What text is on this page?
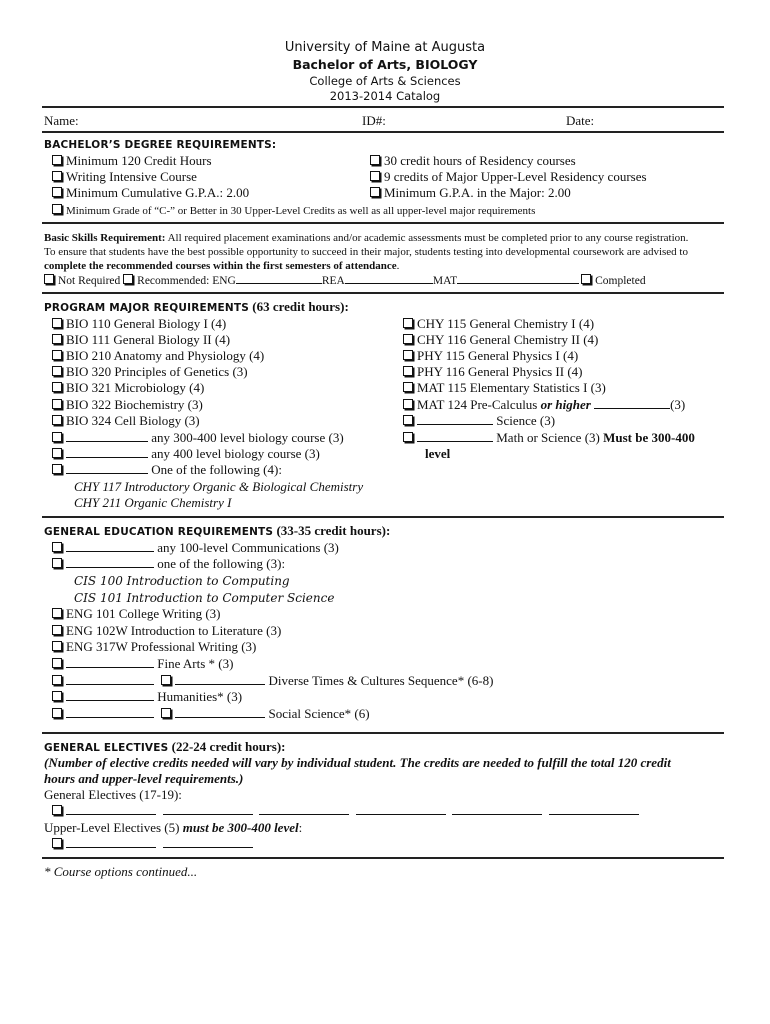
University of Maine at Augusta
Bachelor of Arts, BIOLOGY
College of Arts & Sciences
2013-2014 Catalog
Name:	ID#:	Date:
BACHELOR’S DEGREE REQUIREMENTS:
Minimum 120 Credit Hours
Writing Intensive Course
Minimum Cumulative G.P.A.: 2.00
30 credit hours of Residency courses
9 credits of Major Upper-Level Residency courses
Minimum G.P.A. in the Major: 2.00
Minimum Grade of “C-” or Better in 30 Upper-Level Credits as well as all upper-level major requirements
Basic Skills Requirement: All required placement examinations and/or academic assessments must be completed prior to any course registration.
To ensure that students have the best possible opportunity to succeed in their major, students testing into developmental coursework are advised to
complete the recommended courses within the first semesters of attendance.
Not Required Recommended: ENG	REA	MAT	Completed
PROGRAM MAJOR REQUIREMENTS (63 credit hours):
BIO 110 General Biology I (4)
BIO 111 General Biology II (4)
BIO 210 Anatomy and Physiology (4)
BIO 320 Principles of Genetics (3)
BIO 321 Microbiology (4)
BIO 322 Biochemistry (3)
BIO 324 Cell Biology (3)
any 300-400 level biology course (3)
any 400 level biology course (3)
One of the following (4):
CHY 117 Introductory Organic & Biological Chemistry
CHY 211 Organic Chemistry I
CHY 115 General Chemistry I (4)
CHY 116 General Chemistry II (4)
PHY 115 General Physics I (4)
PHY 116 General Physics II (4)
MAT 115 Elementary Statistics I (3)
MAT 124 Pre-Calculus or higher	(3)
Science (3)
Math or Science (3) Must be 300-400
level
GENERAL EDUCATION REQUIREMENTS (33-35 credit hours):
any 100-level Communications (3)
one of the following (3):
CIS 100 Introduction to Computing
CIS 101 Introduction to Computer Science
ENG 101 College Writing (3)
ENG 102W Introduction to Literature (3)
ENG 317W Professional Writing (3)
Fine Arts * (3)
Diverse Times & Cultures Sequence* (6-8)
Humanities* (3)
Social Science* (6)
GENERAL ELECTIVES (22-24 credit hours):
(Number of elective credits needed will vary by individual student. The credits are needed to fulfill the total 120 credit
hours and upper-level requirements.)
General Electives (17-19):

Upper-Level Electives (5) must be 300-400 level:

* Course options continued...
